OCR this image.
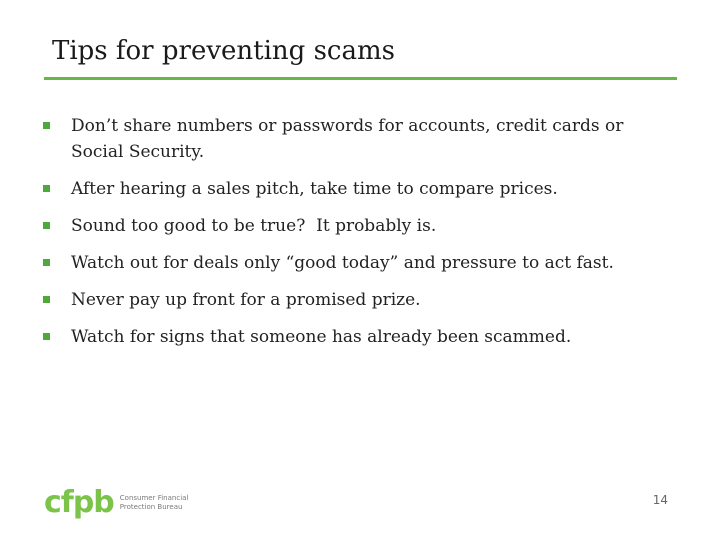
Tips for preventing scams
Don’t share numbers or passwords for accounts, credit cards or Social Security.
After hearing a sales pitch, take time to compare prices.
Sound too good to be true?  It probably is.
Watch out for deals only “good today” and pressure to act fast.
Never pay up front for a promised prize.
Watch for signs that someone has already been scammed.
cfpb Consumer Financial
Protection Bureau	14
